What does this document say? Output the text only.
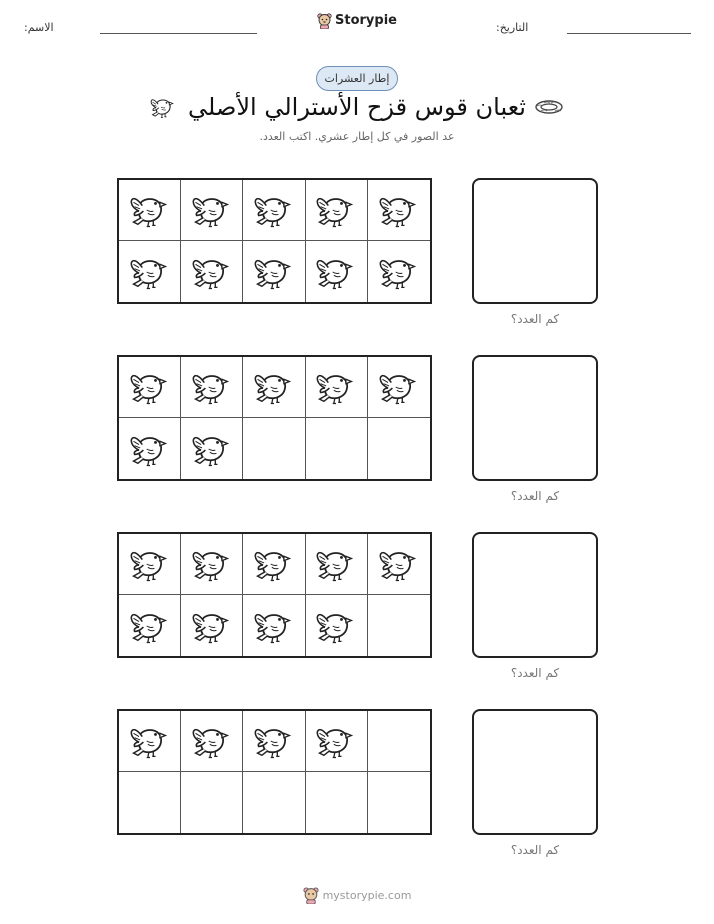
الاسم:	Storypie	التاريخ:
إطار العشرات
ثعبان قوس قزح الأسترالي الأصلي
عد الصور في كل إطار عشري. اكتب العدد.
كم العدد؟
كم العدد؟
كم العدد؟
كم العدد؟
mystorypie.com
